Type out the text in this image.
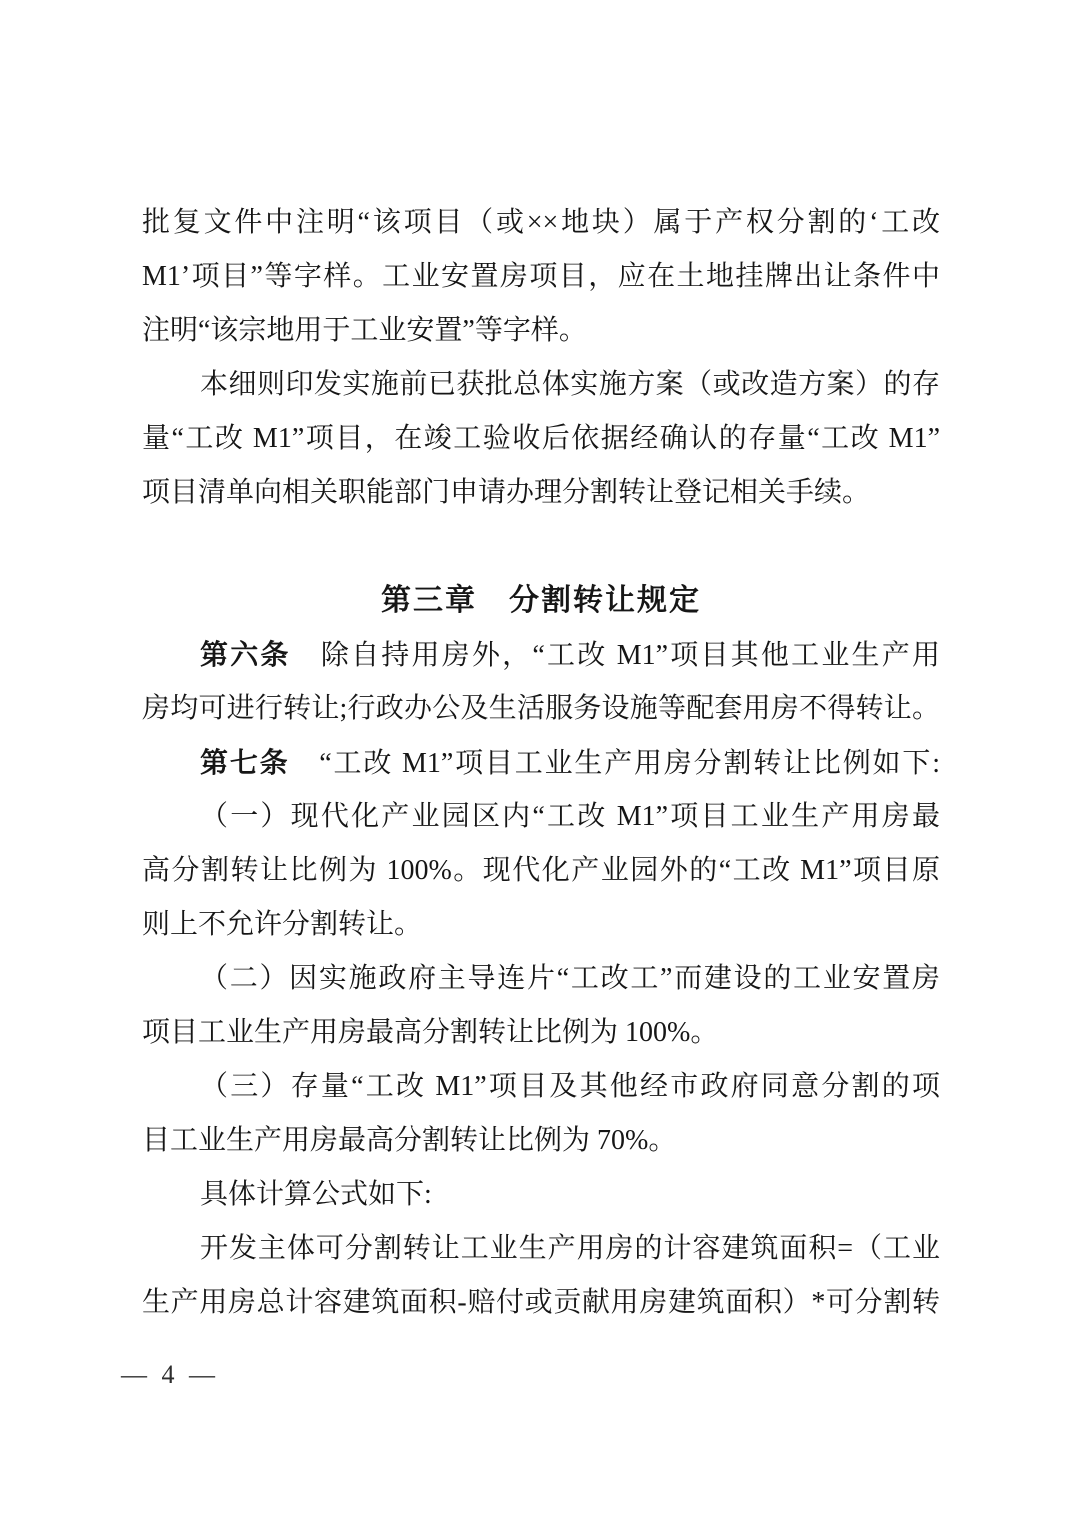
批复文件中注明“该项目（或××地块）属于产权分割的‘工改
M1’项目”等字样。工业安置房项目，应在土地挂牌出让条件中
注明“该宗地用于工业安置”等字样。
本细则印发实施前已获批总体实施方案（或改造方案）的存
量“工改 M1”项目，在竣工验收后依据经确认的存量“工改 M1”
项目清单向相关职能部门申请办理分割转让登记相关手续。
第三章　分割转让规定
第六条　除自持用房外，“工改 M1”项目其他工业生产用
房均可进行转让;行政办公及生活服务设施等配套用房不得转让。
第七条　“工改 M1”项目工业生产用房分割转让比例如下:
（一）现代化产业园区内“工改 M1”项目工业生产用房最
高分割转让比例为 100%。现代化产业园外的“工改 M1”项目原
则上不允许分割转让。
（二）因实施政府主导连片“工改工”而建设的工业安置房
项目工业生产用房最高分割转让比例为 100%。
（三）存量“工改 M1”项目及其他经市政府同意分割的项
目工业生产用房最高分割转让比例为 70%。
具体计算公式如下:
开发主体可分割转让工业生产用房的计容建筑面积=（工业
生产用房总计容建筑面积-赔付或贡献用房建筑面积）*可分割转
— 4 —
